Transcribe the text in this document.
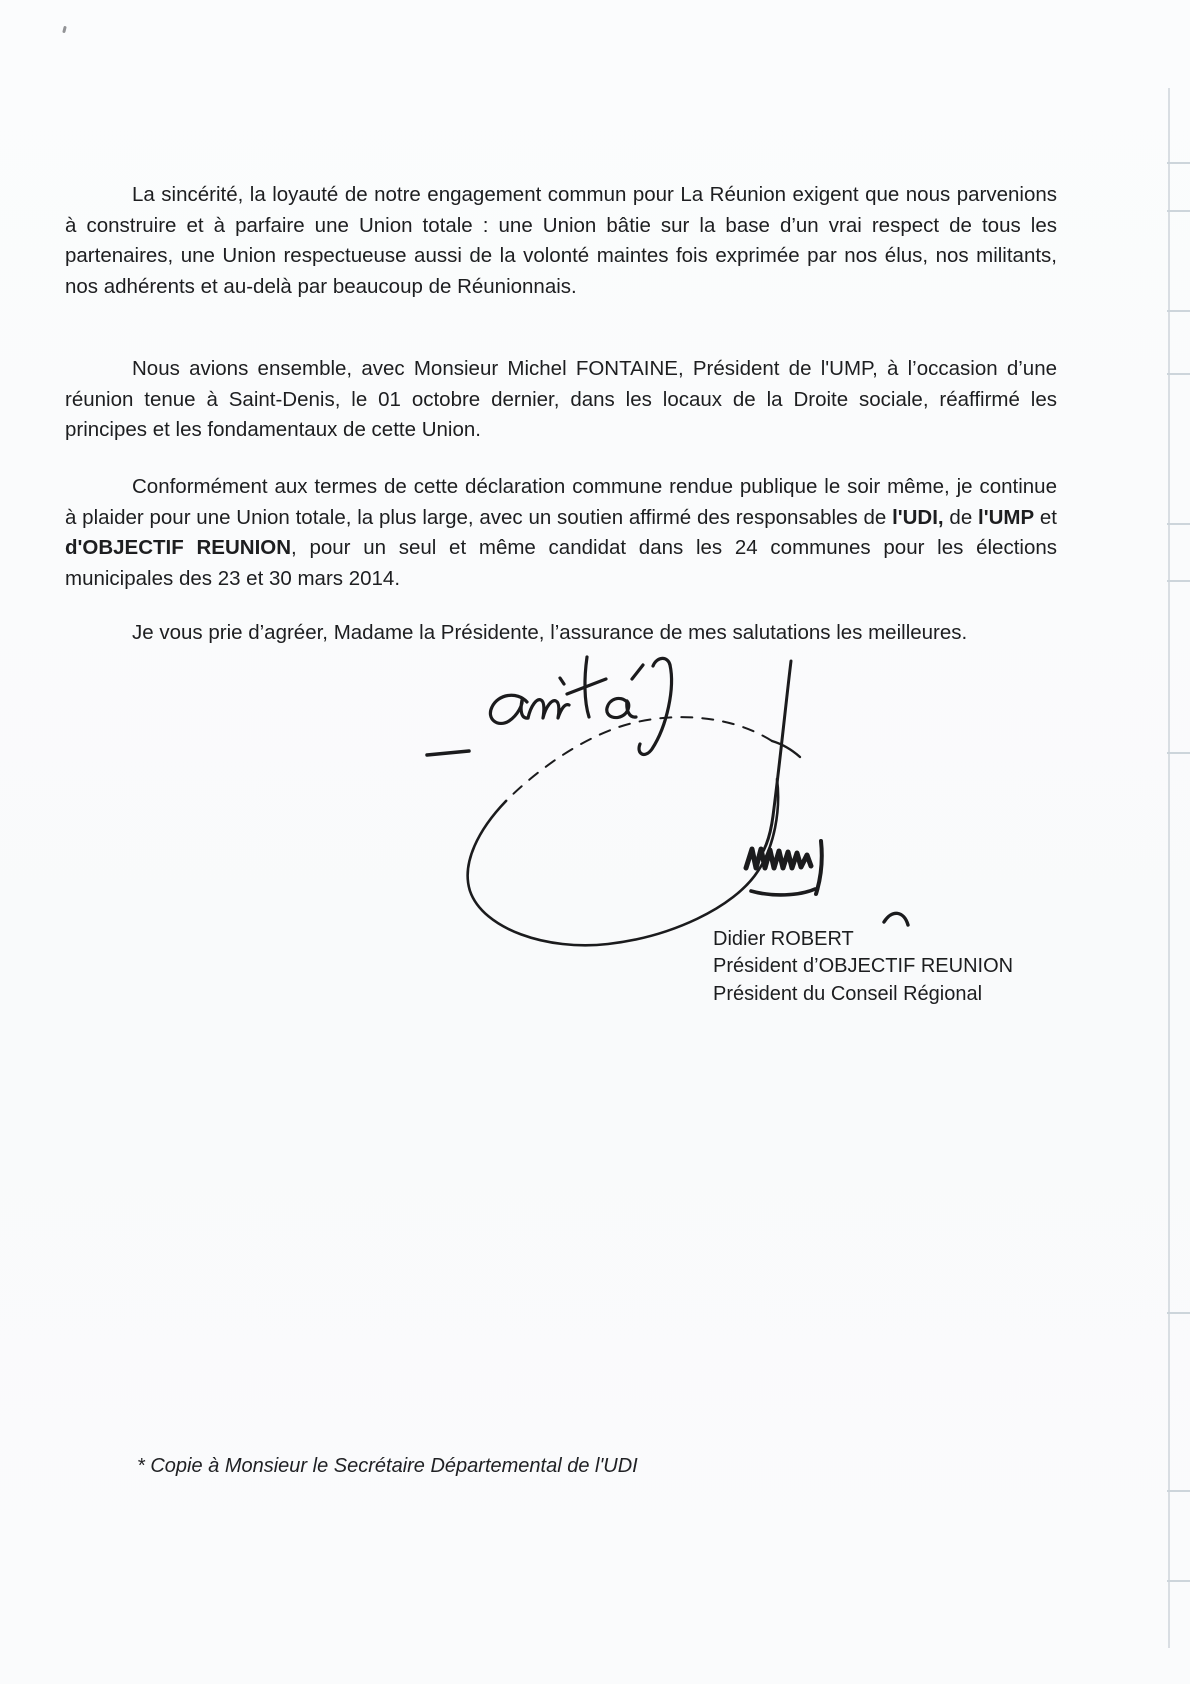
La sincérité, la loyauté de notre engagement commun pour La Réunion exigent que nous parvenions à construire et à parfaire une Union totale : une Union bâtie sur la base d’un vrai respect de tous les partenaires, une Union respectueuse aussi de la volonté maintes fois exprimée par nos élus, nos militants, nos adhérents et au-delà par beaucoup de Réunionnais.

Nous avions ensemble, avec Monsieur Michel FONTAINE, Président de l'UMP, à l’occasion d’une réunion tenue à Saint-Denis, le 01 octobre dernier, dans les locaux de la Droite sociale, réaffirmé les principes et les fondamentaux de cette Union.

Conformément aux termes de cette déclaration commune rendue publique le soir même, je continue à plaider pour une Union totale, la plus large, avec un soutien affirmé des responsables de l'UDI, de l'UMP et d'OBJECTIF REUNION, pour un seul et même candidat dans les 24 communes pour les élections municipales des 23 et 30 mars 2014.

Je vous prie d’agréer, Madame la Présidente, l’assurance de mes salutations les meilleures.

Didier ROBERT
Président d’OBJECTIF REUNION
Président du Conseil Régional

* Copie à Monsieur le Secrétaire Départemental de l'UDI
